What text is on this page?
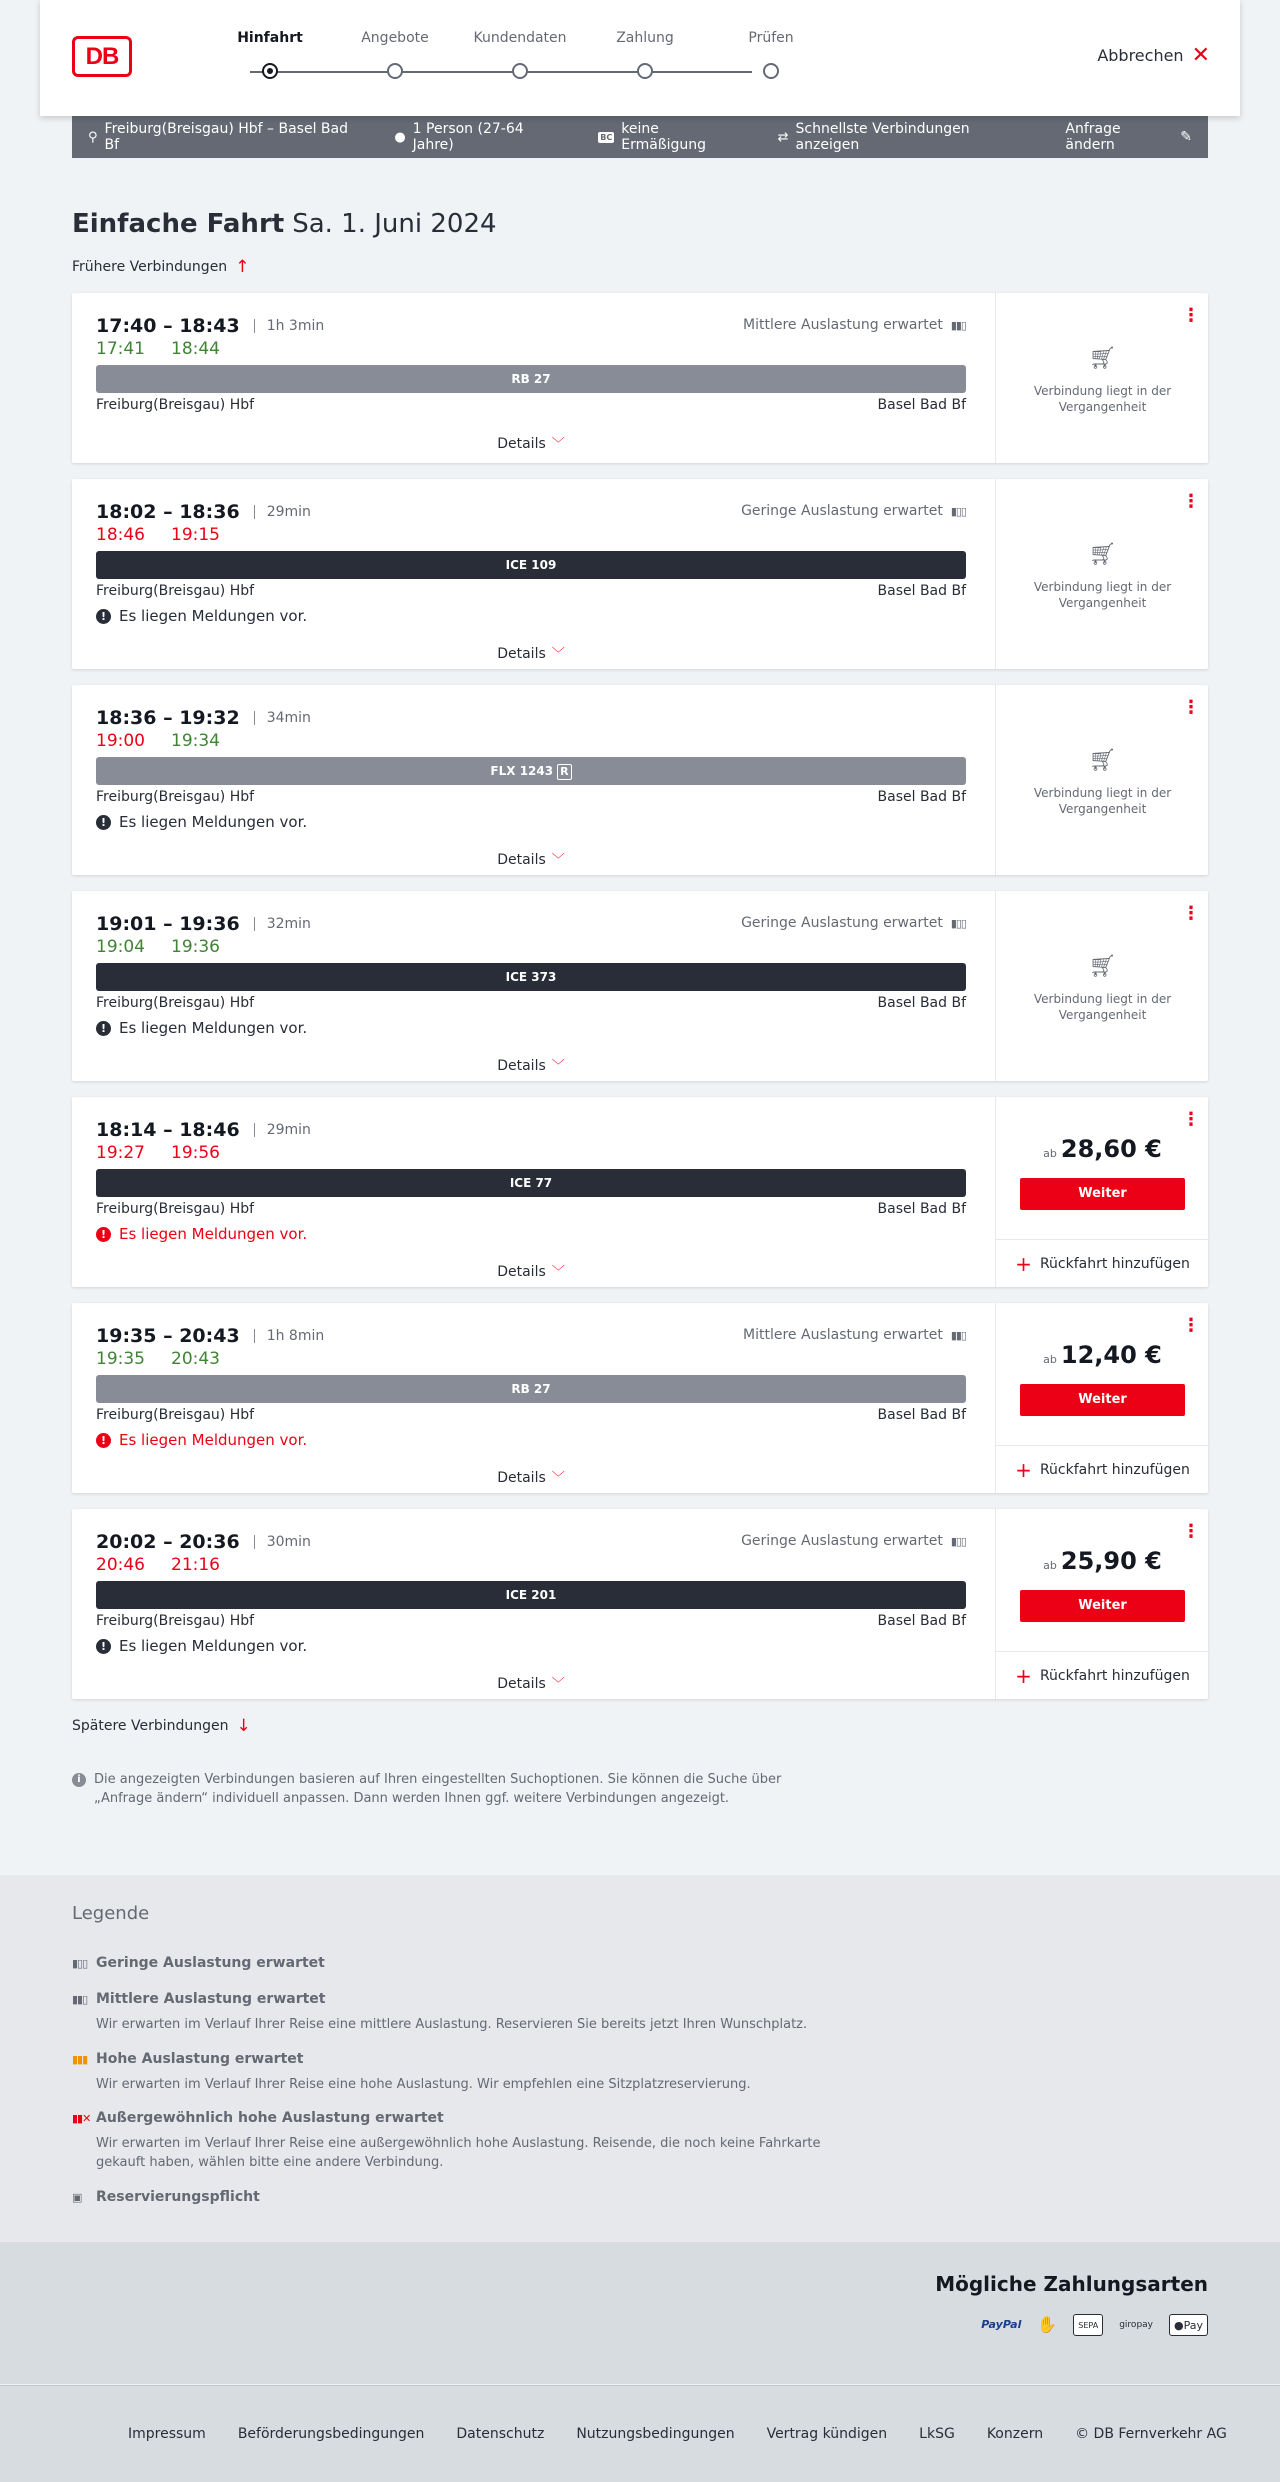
DB
Hinfahrt	Angebote	Kundendaten	Zahlung	Prüfen
Abbrechen ✕
⚲ Freiburg(Breisgau) Hbf – Basel Bad Bf	● 1 Person (27-64 Jahre)	BC keine Ermäßigung	⇄ Schnellste Verbindungen anzeigen
Anfrage ändern	✎
Einfache Fahrt Sa. 1. Juni 2024
Frühere Verbindungen ↑
17:40 – 18:43 1h 3min
17:41 18:44
Mittlere Auslastung erwartet ▮▮▯
RB 27
Freiburg(Breisgau) Hbf	Basel Bad Bf
Details ﹀
⋮
🛒︎
Verbindung liegt in der Vergangenheit
18:02 – 18:36 29min
18:46 19:15
Geringe Auslastung erwartet ▮▯▯
ICE 109
Freiburg(Breisgau) Hbf	Basel Bad Bf
! Es liegen Meldungen vor.
Details ﹀
⋮
🛒︎
Verbindung liegt in der Vergangenheit
18:36 – 19:32 34min
19:00 19:34
FLX 1243 R
Freiburg(Breisgau) Hbf	Basel Bad Bf
! Es liegen Meldungen vor.
Details ﹀
⋮
🛒︎
Verbindung liegt in der Vergangenheit
19:01 – 19:36 32min
19:04 19:36
Geringe Auslastung erwartet ▮▯▯
ICE 373
Freiburg(Breisgau) Hbf	Basel Bad Bf
! Es liegen Meldungen vor.
Details ﹀
⋮
🛒︎
Verbindung liegt in der Vergangenheit
18:14 – 18:46 29min
19:27 19:56
ICE 77
Freiburg(Breisgau) Hbf	Basel Bad Bf
! Es liegen Meldungen vor.
Details ﹀
⋮
ab 28,60 €
Weiter
+ Rückfahrt hinzufügen
19:35 – 20:43 1h 8min
19:35 20:43
Mittlere Auslastung erwartet ▮▮▯
RB 27
Freiburg(Breisgau) Hbf	Basel Bad Bf
! Es liegen Meldungen vor.
Details ﹀
⋮
ab 12,40 €
Weiter
+ Rückfahrt hinzufügen
20:02 – 20:36 30min
20:46 21:16
Geringe Auslastung erwartet ▮▯▯
ICE 201
Freiburg(Breisgau) Hbf	Basel Bad Bf
! Es liegen Meldungen vor.
Details ﹀
⋮
ab 25,90 €
Weiter
+ Rückfahrt hinzufügen
Spätere Verbindungen ↓
i	Die angezeigten Verbindungen basieren auf Ihren eingestellten Suchoptionen. Sie können die Suche über „Anfrage ändern“ individuell anpassen. Dann werden Ihnen ggf. weitere Verbindungen angezeigt.
Legende
▮▯▯ Geringe Auslastung erwartet
▮▮▯ Mittlere Auslastung erwartet
Wir erwarten im Verlauf Ihrer Reise eine mittlere Auslastung. Reservieren Sie bereits jetzt Ihren Wunschplatz.
▮▮▮ Hohe Auslastung erwartet
Wir erwarten im Verlauf Ihrer Reise eine hohe Auslastung. Wir empfehlen eine Sitzplatzreservierung.
▮▮✕ Außergewöhnlich hohe Auslastung erwartet
Wir erwarten im Verlauf Ihrer Reise eine außergewöhnlich hohe Auslastung. Reisende, die noch keine Fahrkarte gekauft haben, wählen bitte eine andere Verbindung.
▣	Reservierungspflicht
Mögliche Zahlungsarten
PayPal ✋	SEPA	giropay	●Pay
Impressum Beförderungsbedingungen Datenschutz Nutzungsbedingungen Vertrag kündigen LkSG Konzern © DB Fernverkehr AG
